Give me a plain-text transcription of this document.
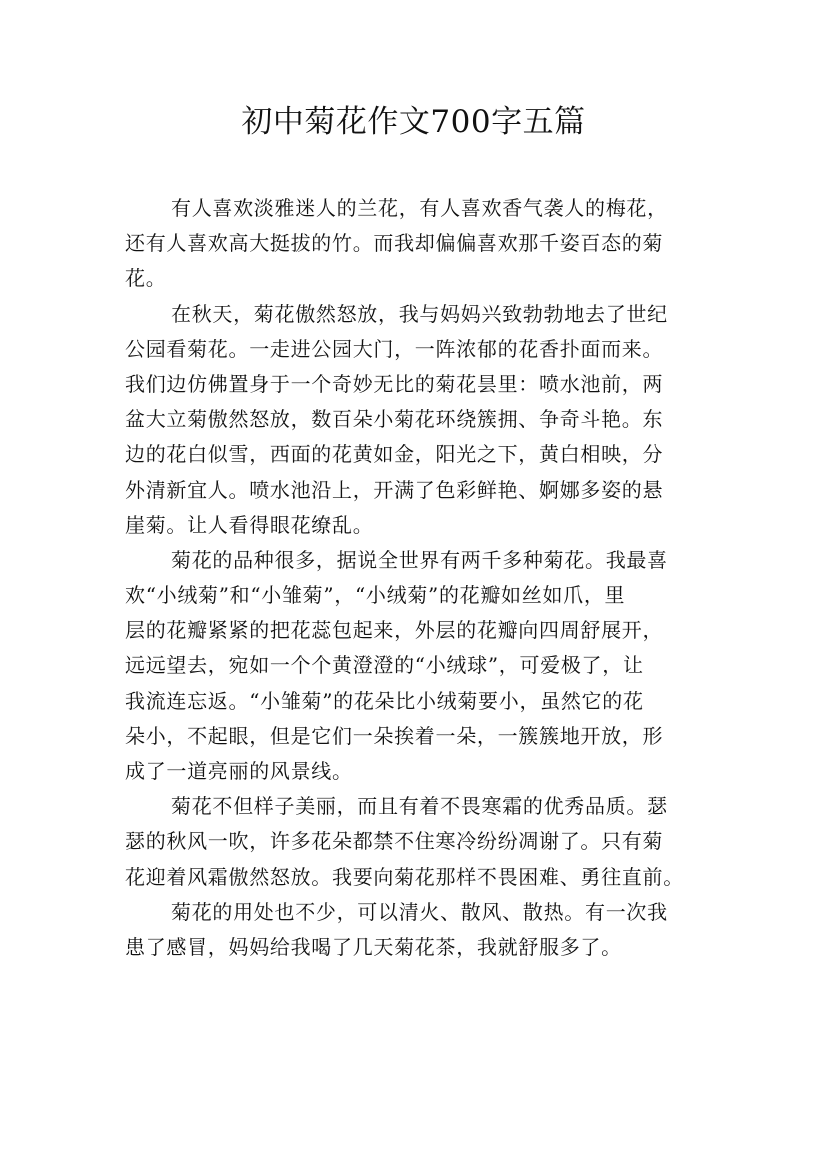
初中菊花作文700字五篇
有人喜欢淡雅迷人的兰花，有人喜欢香气袭人的梅花，
还有人喜欢高大挺拔的竹。而我却偏偏喜欢那千姿百态的菊
花。
在秋天，菊花傲然怒放，我与妈妈兴致勃勃地去了世纪
公园看菊花。一走进公园大门，一阵浓郁的花香扑面而来。
我们边仿佛置身于一个奇妙无比的菊花昙里：喷水池前，两
盆大立菊傲然怒放，数百朵小菊花环绕簇拥、争奇斗艳。东
边的花白似雪，西面的花黄如金，阳光之下，黄白相映，分
外清新宜人。喷水池沿上，开满了色彩鲜艳、婀娜多姿的悬
崖菊。让人看得眼花缭乱。
菊花的品种很多，据说全世界有两千多种菊花。我最喜
欢“小绒菊”和“小雏菊”，“小绒菊”的花瓣如丝如爪，里
层的花瓣紧紧的把花蕊包起来，外层的花瓣向四周舒展开，
远远望去，宛如一个个黄澄澄的“小绒球”，可爱极了，让
我流连忘返。“小雏菊”的花朵比小绒菊要小，虽然它的花
朵小，不起眼，但是它们一朵挨着一朵，一簇簇地开放，形
成了一道亮丽的风景线。
菊花不但样子美丽，而且有着不畏寒霜的优秀品质。瑟
瑟的秋风一吹，许多花朵都禁不住寒冷纷纷凋谢了。只有菊
花迎着风霜傲然怒放。我要向菊花那样不畏困难、勇往直前。
菊花的用处也不少，可以清火、散风、散热。有一次我
患了感冒，妈妈给我喝了几天菊花茶，我就舒服多了。
